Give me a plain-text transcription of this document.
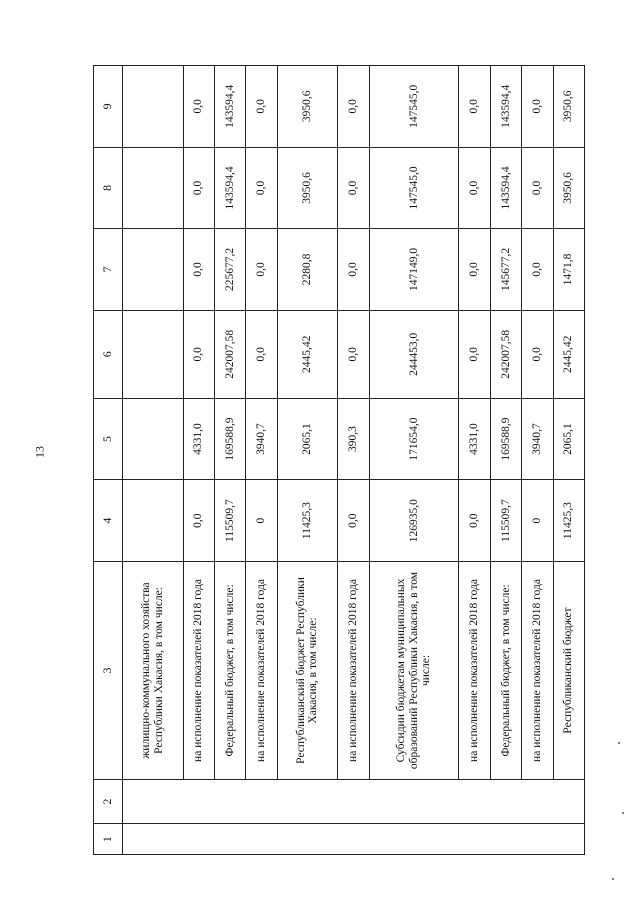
13
1	2	3	4	5	6	7	8	9
		жилищно-коммунального хозяйства Республики Хакасия, в том числе:						
		на исполнение показателей 2018 года	0,0	4331,0	0,0	0,0	0,0	0,0
		Федеральный бюджет, в том числе:	115509,7	169588,9	242007,58	225677,2	143594,4	143594,4
		на исполнение показателей 2018 года	0	3940,7	0,0	0,0	0,0	0,0
		Республиканский бюджет Республики Хакасия, в том числе:	11425,3	2065,1	2445,42	2280,8	3950,6	3950,6
		на исполнение показателей 2018 года	0,0	390,3	0,0	0,0	0,0	0,0
		Субсидии бюджетам муниципальных образований Республики Хакасия, в том числе:	126935,0	171654,0	244453,0	147149,0	147545,0	147545,0
		на исполнение показателей 2018 года	0,0	4331,0	0,0	0,0	0,0	0,0
		Федеральный бюджет, в том числе:	115509,7	169588,9	242007,58	145677,2	143594,4	143594,4
		на исполнение показателей 2018 года	0	3940,7	0,0	0,0	0,0	0,0
		Республиканский бюджет	11425,3	2065,1	2445,42	1471,8	3950,6	3950,6
